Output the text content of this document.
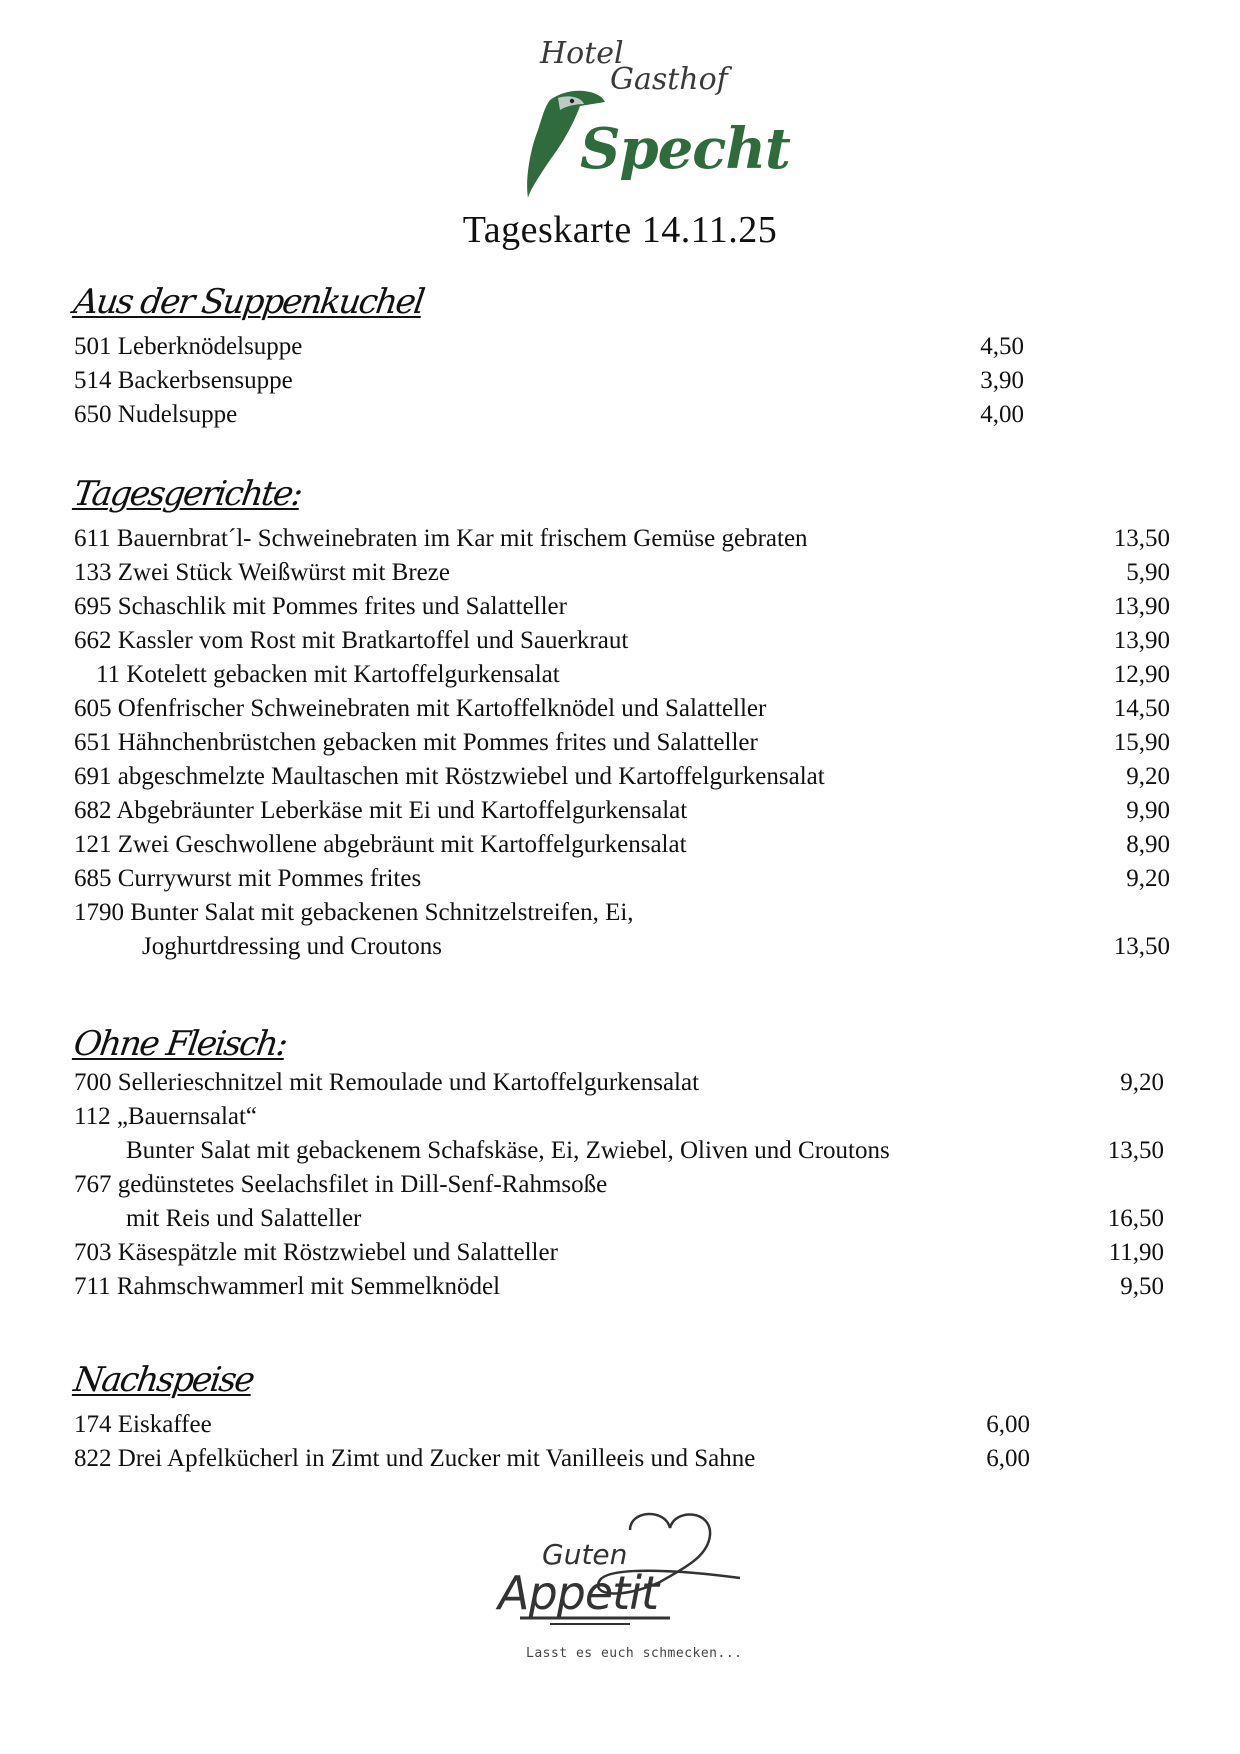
Hotel
Gasthof
Specht
Tageskarte 14.11.25
Aus der Suppenkuchel
501 Leberknödelsuppe	4,50
514 Backerbsensuppe	3,90
650 Nudelsuppe	4,00
Tagesgerichte:
611 Bauernbrat´l- Schweinebraten im Kar mit frischem Gemüse gebraten	13,50
133 Zwei Stück Weißwürst mit Breze	5,90
695 Schaschlik mit Pommes frites und Salatteller	13,90
662 Kassler vom Rost mit Bratkartoffel und Sauerkraut	13,90
11 Kotelett gebacken mit Kartoffelgurkensalat	12,90
605 Ofenfrischer Schweinebraten mit Kartoffelknödel und Salatteller	14,50
651 Hähnchenbrüstchen gebacken mit Pommes frites und Salatteller	15,90
691 abgeschmelzte Maultaschen mit Röstzwiebel und Kartoffelgurkensalat	9,20
682 Abgebräunter Leberkäse mit Ei und Kartoffelgurkensalat	9,90
121 Zwei Geschwollene abgebräunt mit Kartoffelgurkensalat	8,90
685 Currywurst mit Pommes frites	9,20
1790 Bunter Salat mit gebackenen Schnitzelstreifen, Ei,
Joghurtdressing und Croutons	13,50
Ohne Fleisch:
700 Sellerieschnitzel mit Remoulade und Kartoffelgurkensalat	9,20
112 „Bauernsalat“
Bunter Salat mit gebackenem Schafskäse, Ei, Zwiebel, Oliven und Croutons	13,50
767 gedünstetes Seelachsfilet in Dill-Senf-Rahmsoße
mit Reis und Salatteller	16,50
703 Käsespätzle mit Röstzwiebel und Salatteller	11,90
711 Rahmschwammerl mit Semmelknödel	9,50
Nachspeise
174 Eiskaffee	6,00
822 Drei Apfelkücherl in Zimt und Zucker mit Vanilleeis und Sahne	6,00
Guten
Appetit
Lasst es euch schmecken...
